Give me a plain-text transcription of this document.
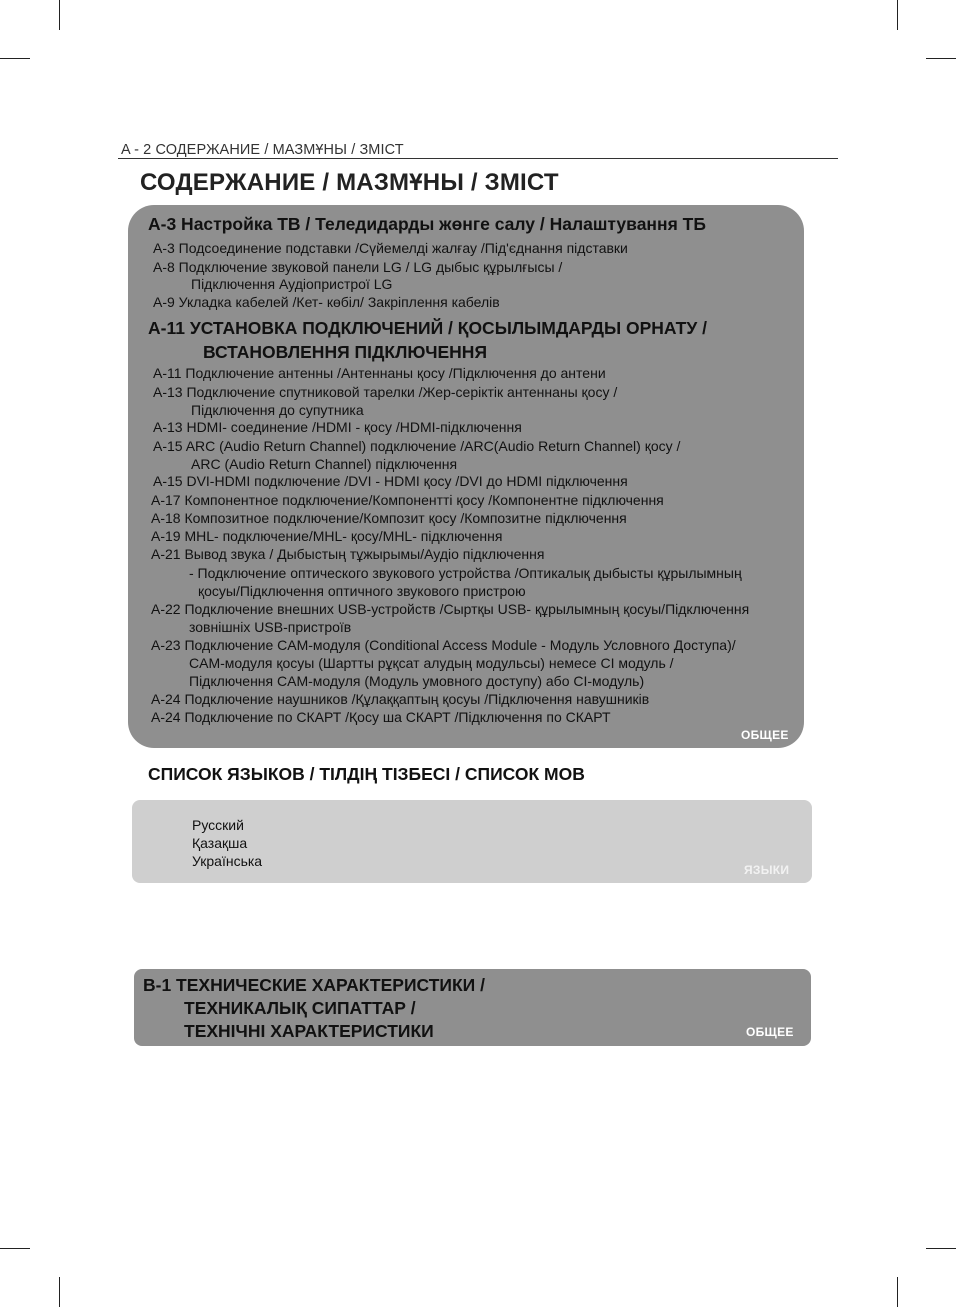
A - 2 СОДЕРЖАНИЕ / МАЗМҰНЫ / ЗМІСТ
СОДЕРЖАНИЕ / МАЗМҰНЫ / ЗМІСТ
A-3 Настройка ТВ / Теледидарды жөнге салу / Налаштування ТБ
A-3 Подсоединение подставки /Сүйемелді жалғау /Під'єднання підставки
A-8 Подключение звуковой панели LG / LG дыбыс құрылғысы /
Підключення Аудіопристрої LG
A-9 Укладка кабелей /Кет- көбіл/ Закріплення кабелів
A-11 УСТАНОВКА ПОДКЛЮЧЕНИЙ / ҚОСЫЛЫМДАРДЫ ОРНАТУ /
ВСТАНОВЛЕННЯ ПІДКЛЮЧЕННЯ
A-11 Подключение антенны /Антеннаны қосу /Підключення до антени
A-13 Подключение спутниковой тарелки /Жер-серіктік антеннаны қосу /
Підключення до супутника
A-13 HDMI- соединение /HDMI - қосу /HDMI-підключення
A-15 ARC (Audio Return Channel) подключение /ARC(Audio Return Channel) қосу /
ARC (Audio Return Channel) підключення
A-15 DVI-HDMI подключение /DVI - HDMI қосу /DVI до HDMI підключення
A-17 Компонентное подключение/Компонентті қосу /Компонентне підключення
A-18 Композитное подключение/Композит қосу /Композитне підключення
A-19 MHL- подключение/MHL- қосу/MHL- підключення
A-21 Вывод звука / Дыбыстың тұжырымы/Аудіо підключення
- Подключение оптического звукового устройства /Оптикалық дыбысты құрылымның
қосуы/Підключення оптичного звукового пристрою
A-22 Подключение внешних USB-устройств /Сыртқы USB- құрылымның қосуы/Підключення
зовнішніх USB-пристроїв
A-23 Подключение CAM-модуля (Conditional Access Module - Модуль Условного Доступа)/
CAM-модуля қосуы (Шартты рұқсат алудың модульсы) немесе CI модуль /
Підключення CAM-модуля (Модуль умовного доступу) або CI-модуль)
A-24 Подключение наушников /Құлаққаптың қосуы /Підключення навушників
A-24 Подключение по СКАРТ /Қосу ша СКАРТ /Підключення по СКАРТ
ОБЩЕЕ
СПИСОК ЯЗЫКОВ / ТІЛДІҢ ТІЗБЕСІ / СПИСОК МОВ
ЯЗЫКИ
Русский
Қазақша
Українська
B-1 ТЕХНИЧЕСКИЕ ХАРАКТЕРИСТИКИ /
ТЕХНИКАЛЫҚ СИПАТТАР /
ТЕХНІЧНІ ХАРАКТЕРИСТИКИ	ОБЩЕЕ
